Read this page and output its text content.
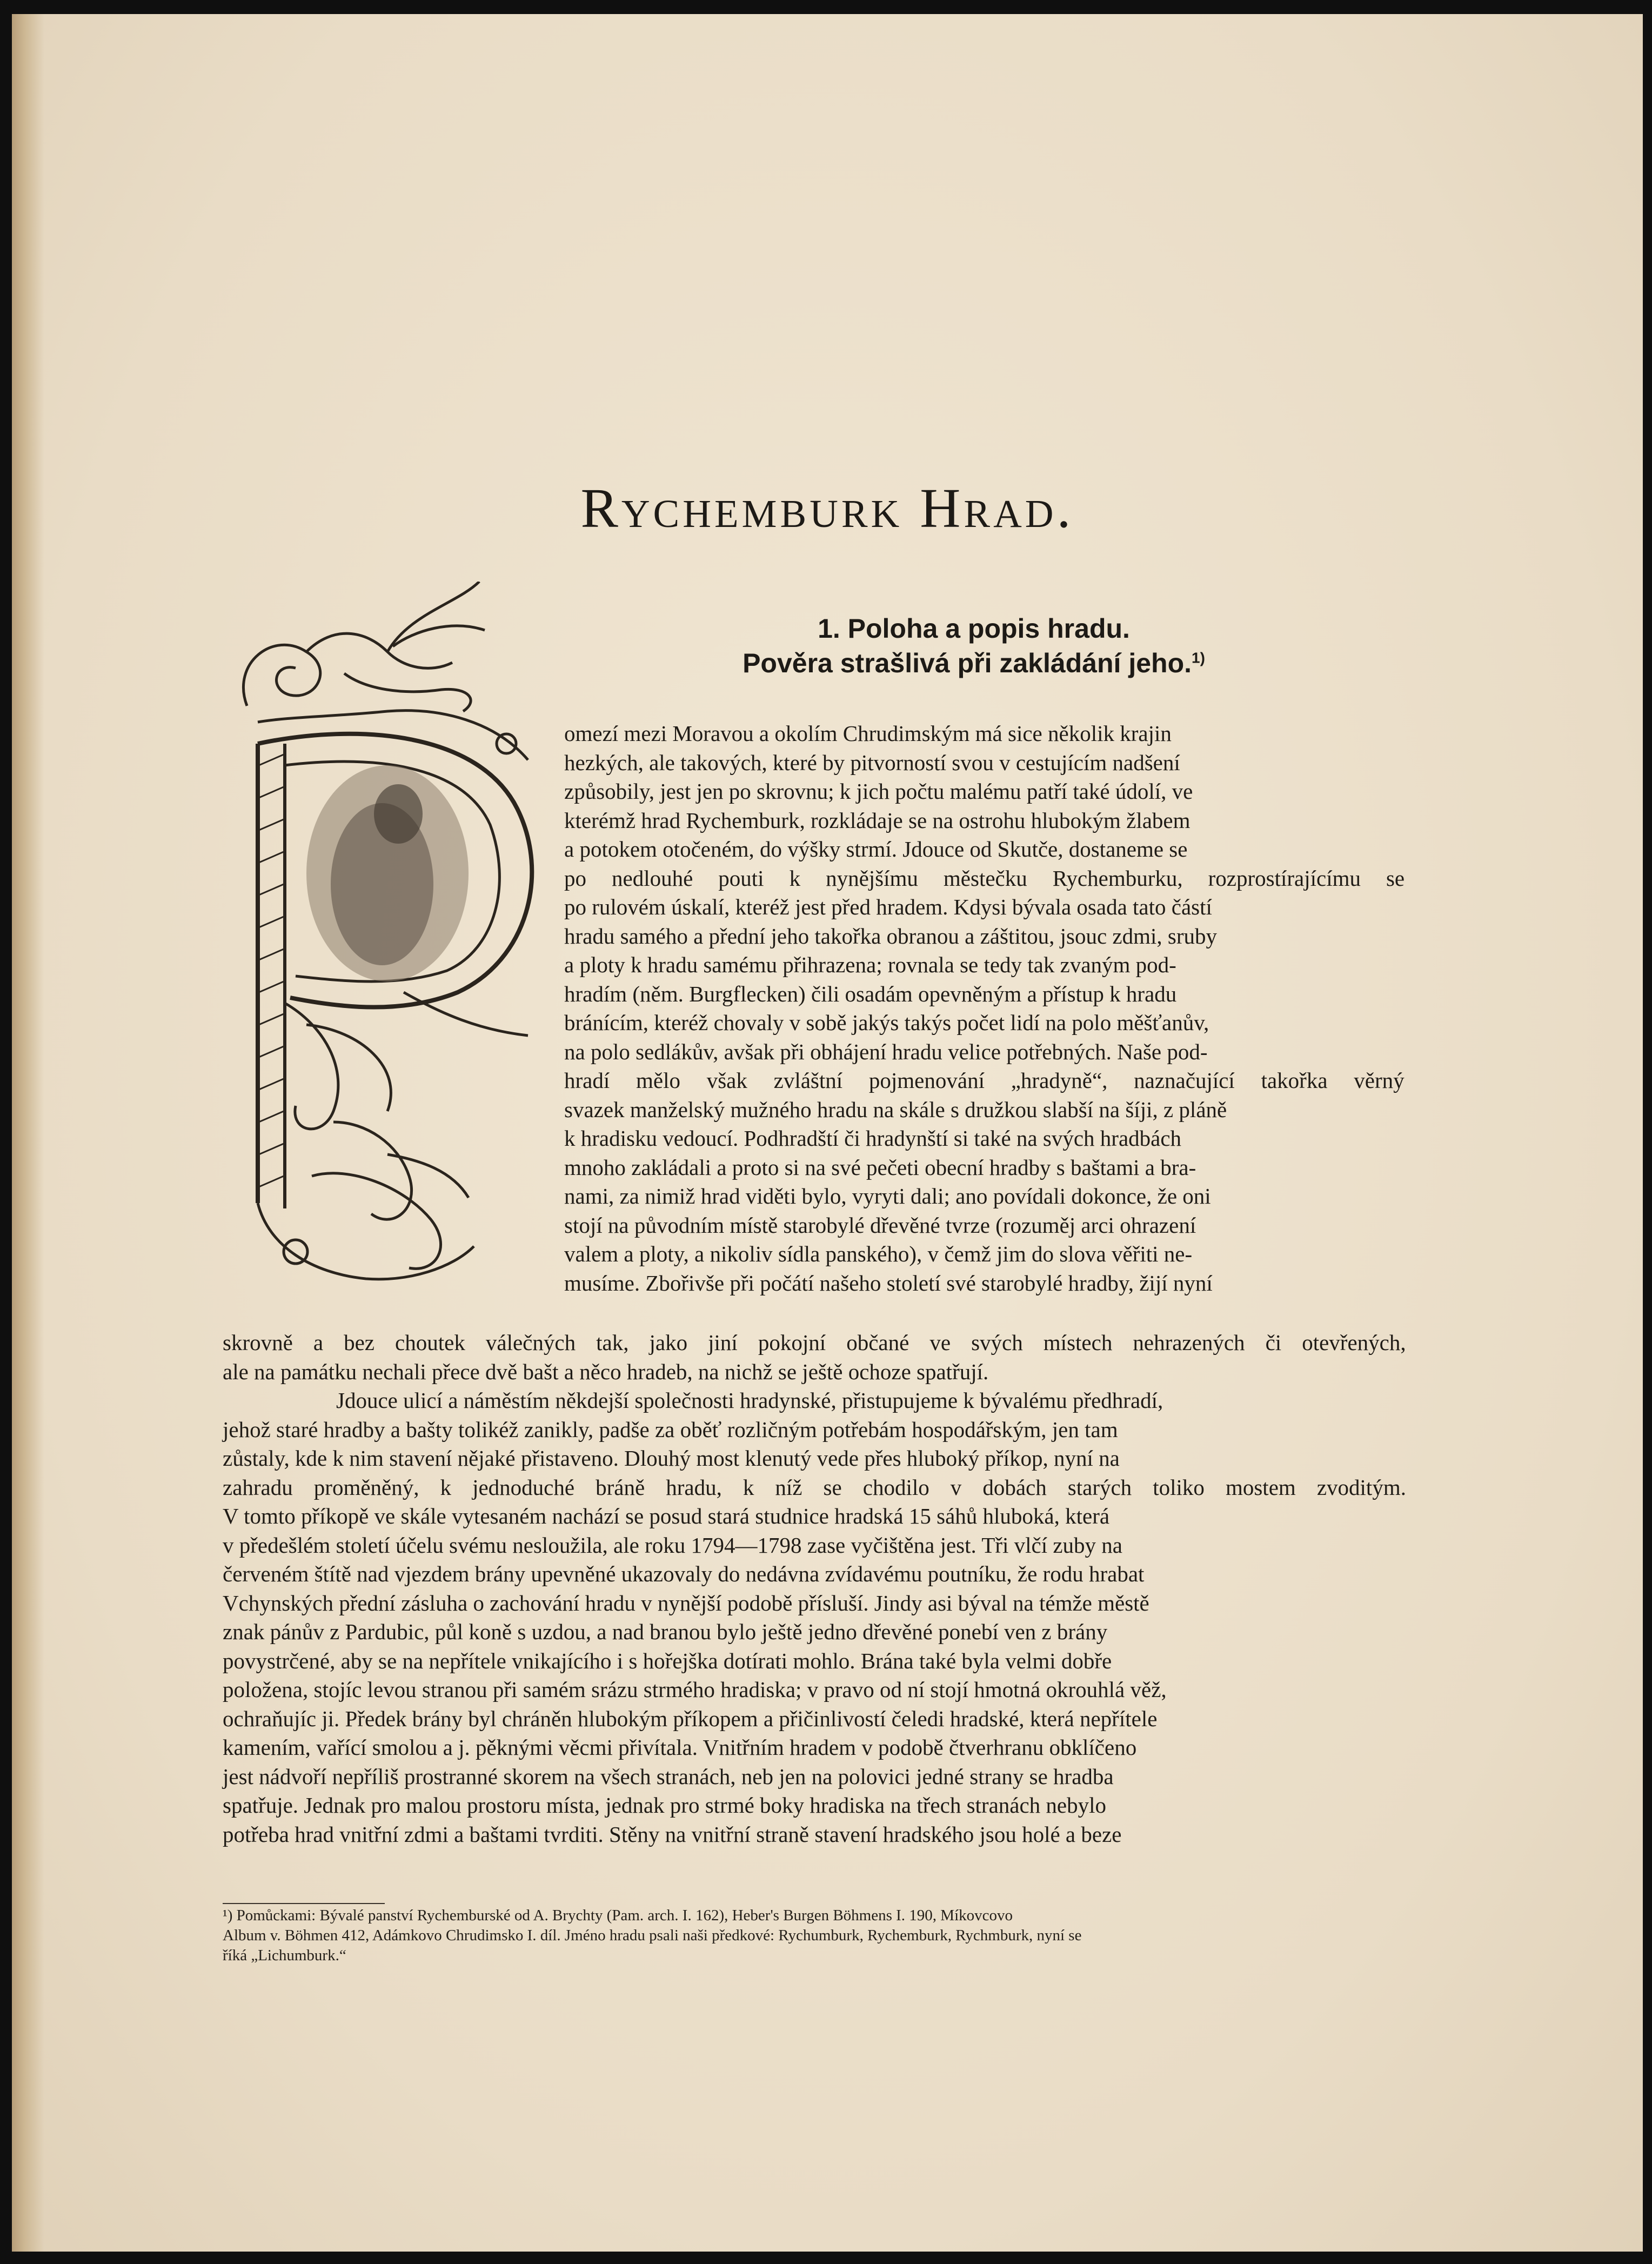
Rychemburk Hrad.
1. Poloha a popis hradu.
Pověra strašlivá při zakládání jeho.$^{1)}$
omezí mezi Moravou a okolím Chrudimským má sice několik krajin
hezkých, ale takových, které by pitvorností svou v cestujícím nadšení
způsobily, jest jen po skrovnu; k jich počtu malému patří také údolí, ve
kterémž hrad Rychemburk, rozkládaje se na ostrohu hlubokým žlabem
a potokem otočeném, do výšky strmí. Jdouce od Skutče, dostaneme se
po nedlouhé pouti k nynějšímu městečku Rychemburku, rozprostírajícímu se
po rulovém úskalí, kteréž jest před hradem. Kdysi bývala osada tato částí
hradu samého a přední jeho takořka obranou a záštitou, jsouc zdmi, sruby
a ploty k hradu samému přihrazena; rovnala se tedy tak zvaným pod-
hradím (něm. Burgflecken) čili osadám opevněným a přístup k hradu
bránícím, kteréž chovaly v sobě jakýs takýs počet lidí na polo měšťanův,
na polo sedlákův, avšak při obhájení hradu velice potřebných. Naše pod-
hradí mělo však zvláštní pojmenování „hradyně“, naznačující takořka věrný
svazek manželský mužného hradu na skále s družkou slabší na šíji, z pláně
k hradisku vedoucí. Podhradští či hradynští si také na svých hradbách
mnoho zakládali a proto si na své pečeti obecní hradby s baštami a bra-
nami, za nimiž hrad viděti bylo, vyryti dali; ano povídali dokonce, že oni
stojí na původním místě starobylé dřevěné tvrze (rozuměj arci ohrazení
valem a ploty, a nikoliv sídla panského), v čemž jim do slova věřiti ne-
musíme. Zbořivše při počátí našeho století své starobylé hradby, žijí nyní
skrovně a bez choutek válečných tak, jako jiní pokojní občané ve svých místech nehrazených či otevřených,
ale na památku nechali přece dvě bašt a něco hradeb, na nichž se ještě ochoze spatřují.
Jdouce ulicí a náměstím někdejší společnosti hradynské, přistupujeme k bývalému předhradí,
jehož staré hradby a bašty tolikéž zanikly, padše za oběť rozličným potřebám hospodářským, jen tam
zůstaly, kde k nim stavení nějaké přistaveno. Dlouhý most klenutý vede přes hluboký příkop, nyní na
zahradu proměněný, k jednoduché bráně hradu, k níž se chodilo v dobách starých toliko mostem zvoditým.
V tomto příkopě ve skále vytesaném nachází se posud stará studnice hradská 15 sáhů hluboká, která
v předešlém století účelu svému nesloužila, ale roku 1794—1798 zase vyčištěna jest. Tři vlčí zuby na
červeném štítě nad vjezdem brány upevněné ukazovaly do nedávna zvídavému poutníku, že rodu hrabat
Vchynských přední zásluha o zachování hradu v nynější podobě přísluší. Jindy asi býval na témže městě
znak pánův z Pardubic, půl koně s uzdou, a nad branou bylo ještě jedno dřevěné ponebí ven z brány
povystrčené, aby se na nepřítele vnikajícího i s hořejška dotírati mohlo. Brána také byla velmi dobře
položena, stojíc levou stranou při samém srázu strmého hradiska; v pravo od ní stojí hmotná okrouhlá věž,
ochraňujíc ji. Předek brány byl chráněn hlubokým příkopem a přičinlivostí čeledi hradské, která nepřítele
kamením, vařící smolou a j. pěknými věcmi přivítala. Vnitřním hradem v podobě čtverhranu obklíčeno
jest nádvoří nepříliš prostranné skorem na všech stranách, neb jen na polovici jedné strany se hradba
spatřuje. Jednak pro malou prostoru místa, jednak pro strmé boky hradiska na třech stranách nebylo
potřeba hrad vnitřní zdmi a baštami tvrditi. Stěny na vnitřní straně stavení hradského jsou holé a beze
¹) Pomůckami: Bývalé panství Rychemburské od A. Brychty (Pam. arch. I. 162), Heber's Burgen Böhmens I. 190, Míkovcovo
Album v. Böhmen 412, Adámkovo Chrudimsko I. díl. Jméno hradu psali naši předkové: Rychumburk, Rychemburk, Rychmburk, nyní se
říká „Lichumburk.“
